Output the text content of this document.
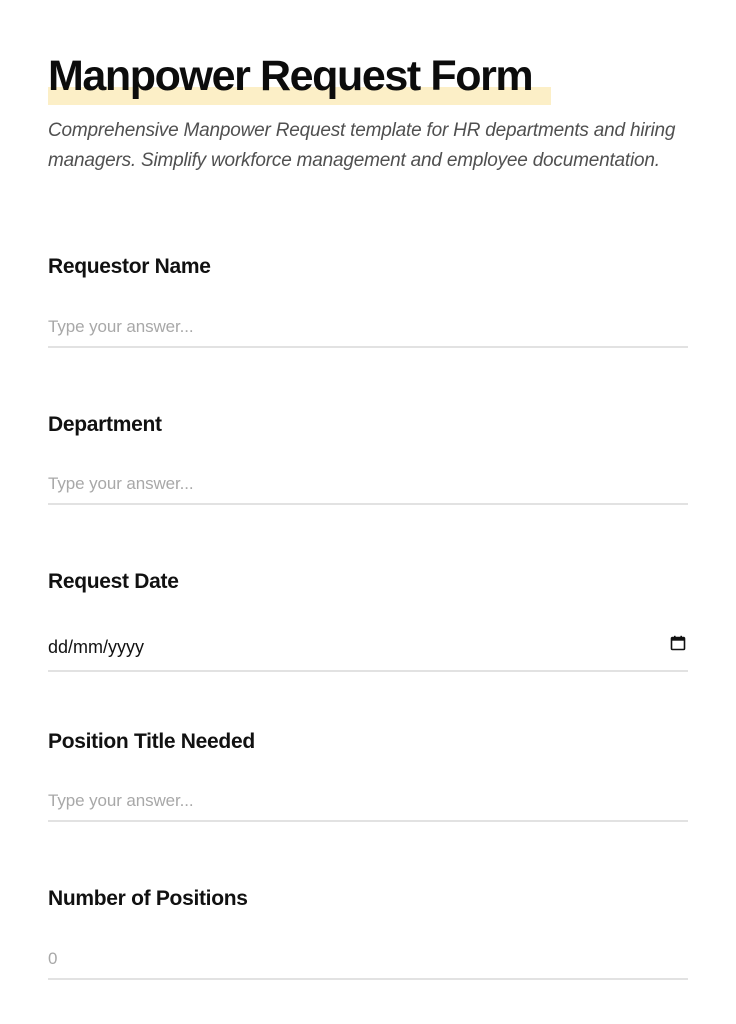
Manpower Request Form

Comprehensive Manpower Request template for HR departments and hiring managers. Simplify workforce management and employee documentation.

Requestor Name

Type your answer...

Department

Type your answer...

Request Date

dd/mm/yyyy

Position Title Needed

Type your answer...

Number of Positions

0
